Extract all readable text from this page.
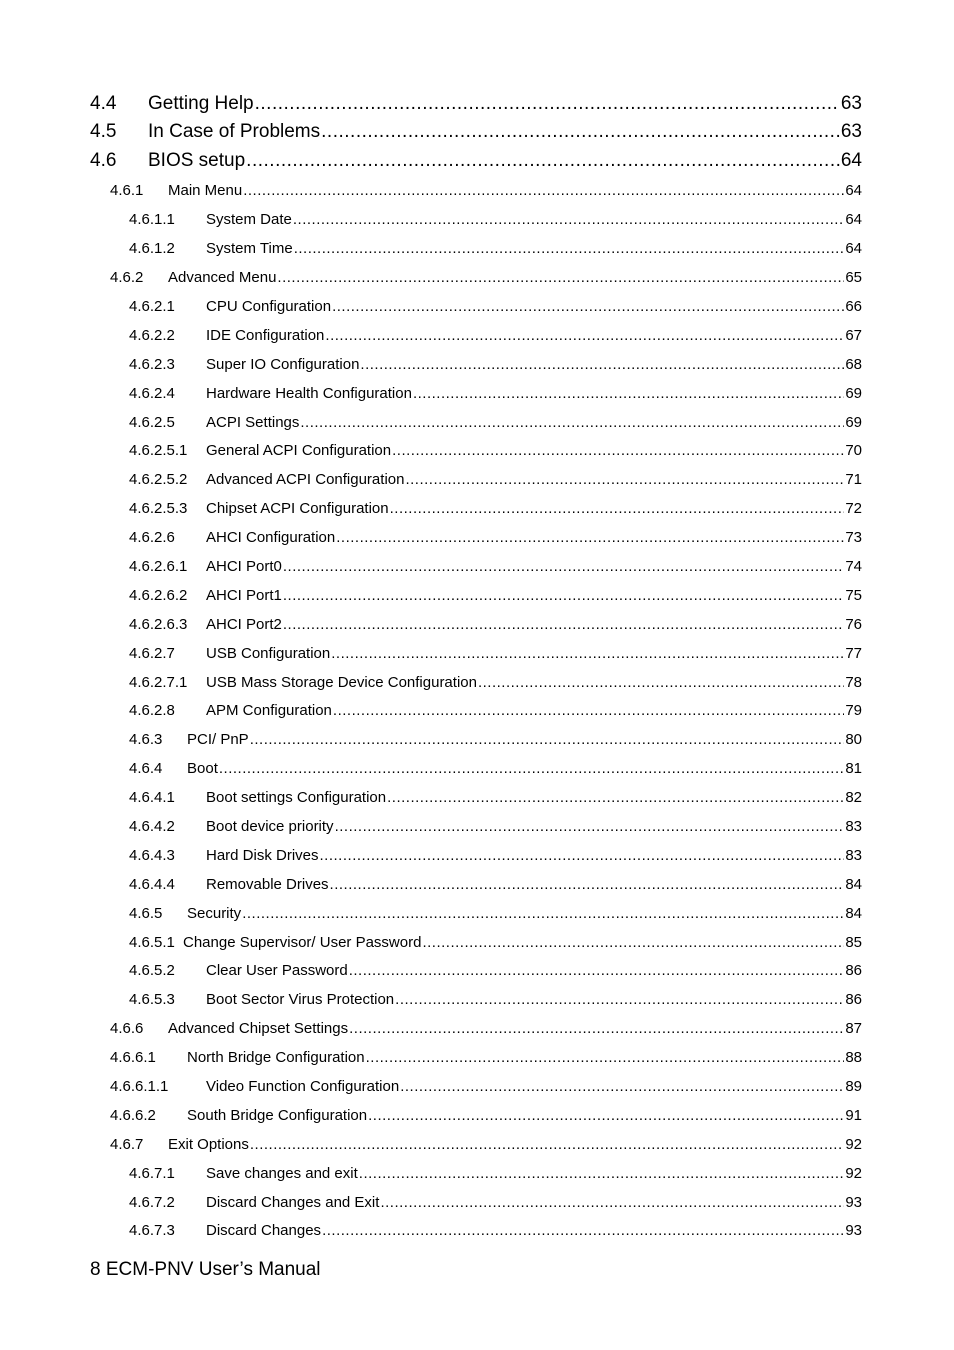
4.4 Getting Help .....	63
4.5 In Case of Problems .....	63
4.6 BIOS setup .....	64
4.6.1 Main Menu .....	64
4.6.1.1 System Date .....	64
4.6.1.2 System Time .....	64
4.6.2 Advanced Menu .....	65
4.6.2.1 CPU Configuration .....	66
4.6.2.2 IDE Configuration .....	67
4.6.2.3 Super IO Configuration .....	68
4.6.2.4 Hardware Health Configuration .....	69
4.6.2.5 ACPI Settings .....	69
4.6.2.5.1 General ACPI Configuration .....	70
4.6.2.5.2 Advanced ACPI Configuration .....	71
4.6.2.5.3 Chipset ACPI Configuration .....	72
4.6.2.6 AHCI Configuration .....	73
4.6.2.6.1 AHCI Port0 .....	74
4.6.2.6.2 AHCI Port1 .....	75
4.6.2.6.3 AHCI Port2 .....	76
4.6.2.7 USB Configuration .....	77
4.6.2.7.1 USB Mass Storage Device Configuration .....	78
4.6.2.8 APM Configuration .....	79
4.6.3 PCI/ PnP .....	80
4.6.4 Boot .....	81
4.6.4.1 Boot settings Configuration .....	82
4.6.4.2 Boot device priority .....	83
4.6.4.3 Hard Disk Drives .....	83
4.6.4.4 Removable Drives .....	84
4.6.5 Security .....	84
4.6.5.1 Change Supervisor/ User Password .....	85
4.6.5.2 Clear User Password .....	86
4.6.5.3 Boot Sector Virus Protection .....	86
4.6.6 Advanced Chipset Settings .....	87
4.6.6.1 North Bridge Configuration .....	88
4.6.6.1.1	Video Function Configuration .....	89
4.6.6.2 South Bridge Configuration .....	91
4.6.7 Exit Options .....	92
4.6.7.1 Save changes and exit .....	92
4.6.7.2 Discard Changes and Exit .....	93
4.6.7.3 Discard Changes .....	93
8 ECM-PNV User’s Manual
